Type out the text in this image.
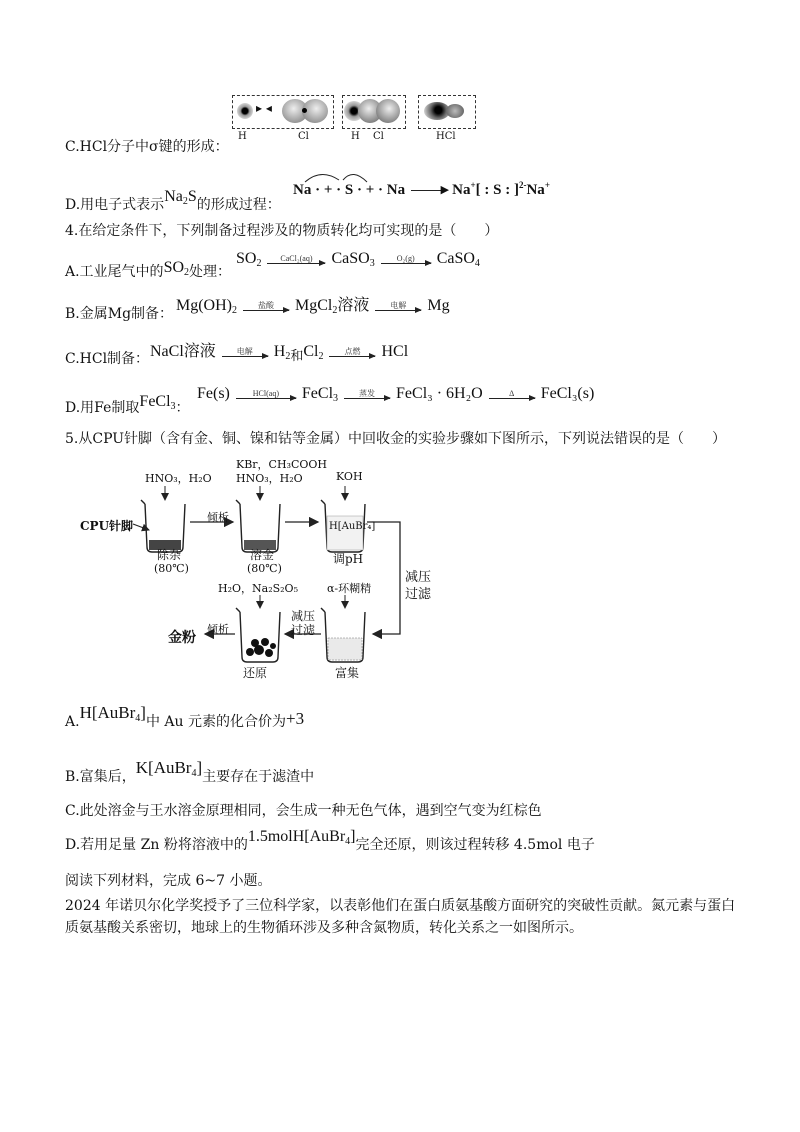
▸ ◂
H	Cl	H Cl	HCl
C.HCl分子中σ键的形成：
D.用电子式表示$Na_2S$的形成过程：
Na · + · S · + · Na ▸ Na+[ : S : ]$^{2-}$Na+
4.在给定条件下，下列制备过程涉及的物质转化均可实现的是（　　）
A.工业尾气中的$SO_2$处理：
$SO_2$ CaCl₂(aq) CaSO$_3$	O₂(g) CaSO$_4$
B.金属Mg制备： $Mg(OH)_2$	盐酸 MgCl$_2$溶液	电解 Mg
C.HCl制备： NaCl溶液	电解 $H_{2和}Cl_2$	点燃 HCl
D.用Fe制取FeCl$_3$：
Fe(s)	HCl(aq) FeCl$_3$	蒸发 FeCl₃ · 6H₂O	Δ FeCl₃(s)
5.从CPU针脚（含有金、铜、镍和钴等金属）中回收金的实验步骤如下图所示，下列说法错误的是（　　）
HNO₃，H₂O
KBr，CH₃COOH
HNO₃，H₂O	KOH
CPU针脚
倾析
除杂
(80℃)
溶金
(80℃)
H[AuBr₄]
调pH
减压
过滤
α-环糊精
H₂O，Na₂S₂O₅
减压
过滤
倾析
金粉
还原	富集
A.H[AuBr$_4$]中 Au 元素的化合价为+3
B.富集后，K[AuBr$_4$]主要存在于滤渣中
C.此处溶金与王水溶金原理相同，会生成一种无色气体，遇到空气变为红棕色
D.若用足量 Zn 粉将溶液中的1.5molH[AuBr$_4$]完全还原，则该过程转移 4.5mol 电子
阅读下列材料，完成 6~7 小题。
2024 年诺贝尔化学奖授予了三位科学家，以表彰他们在蛋白质氨基酸方面研究的突破性贡献。氮元素与蛋白
质氨基酸关系密切，地球上的生物循环涉及多种含氮物质，转化关系之一如图所示。
